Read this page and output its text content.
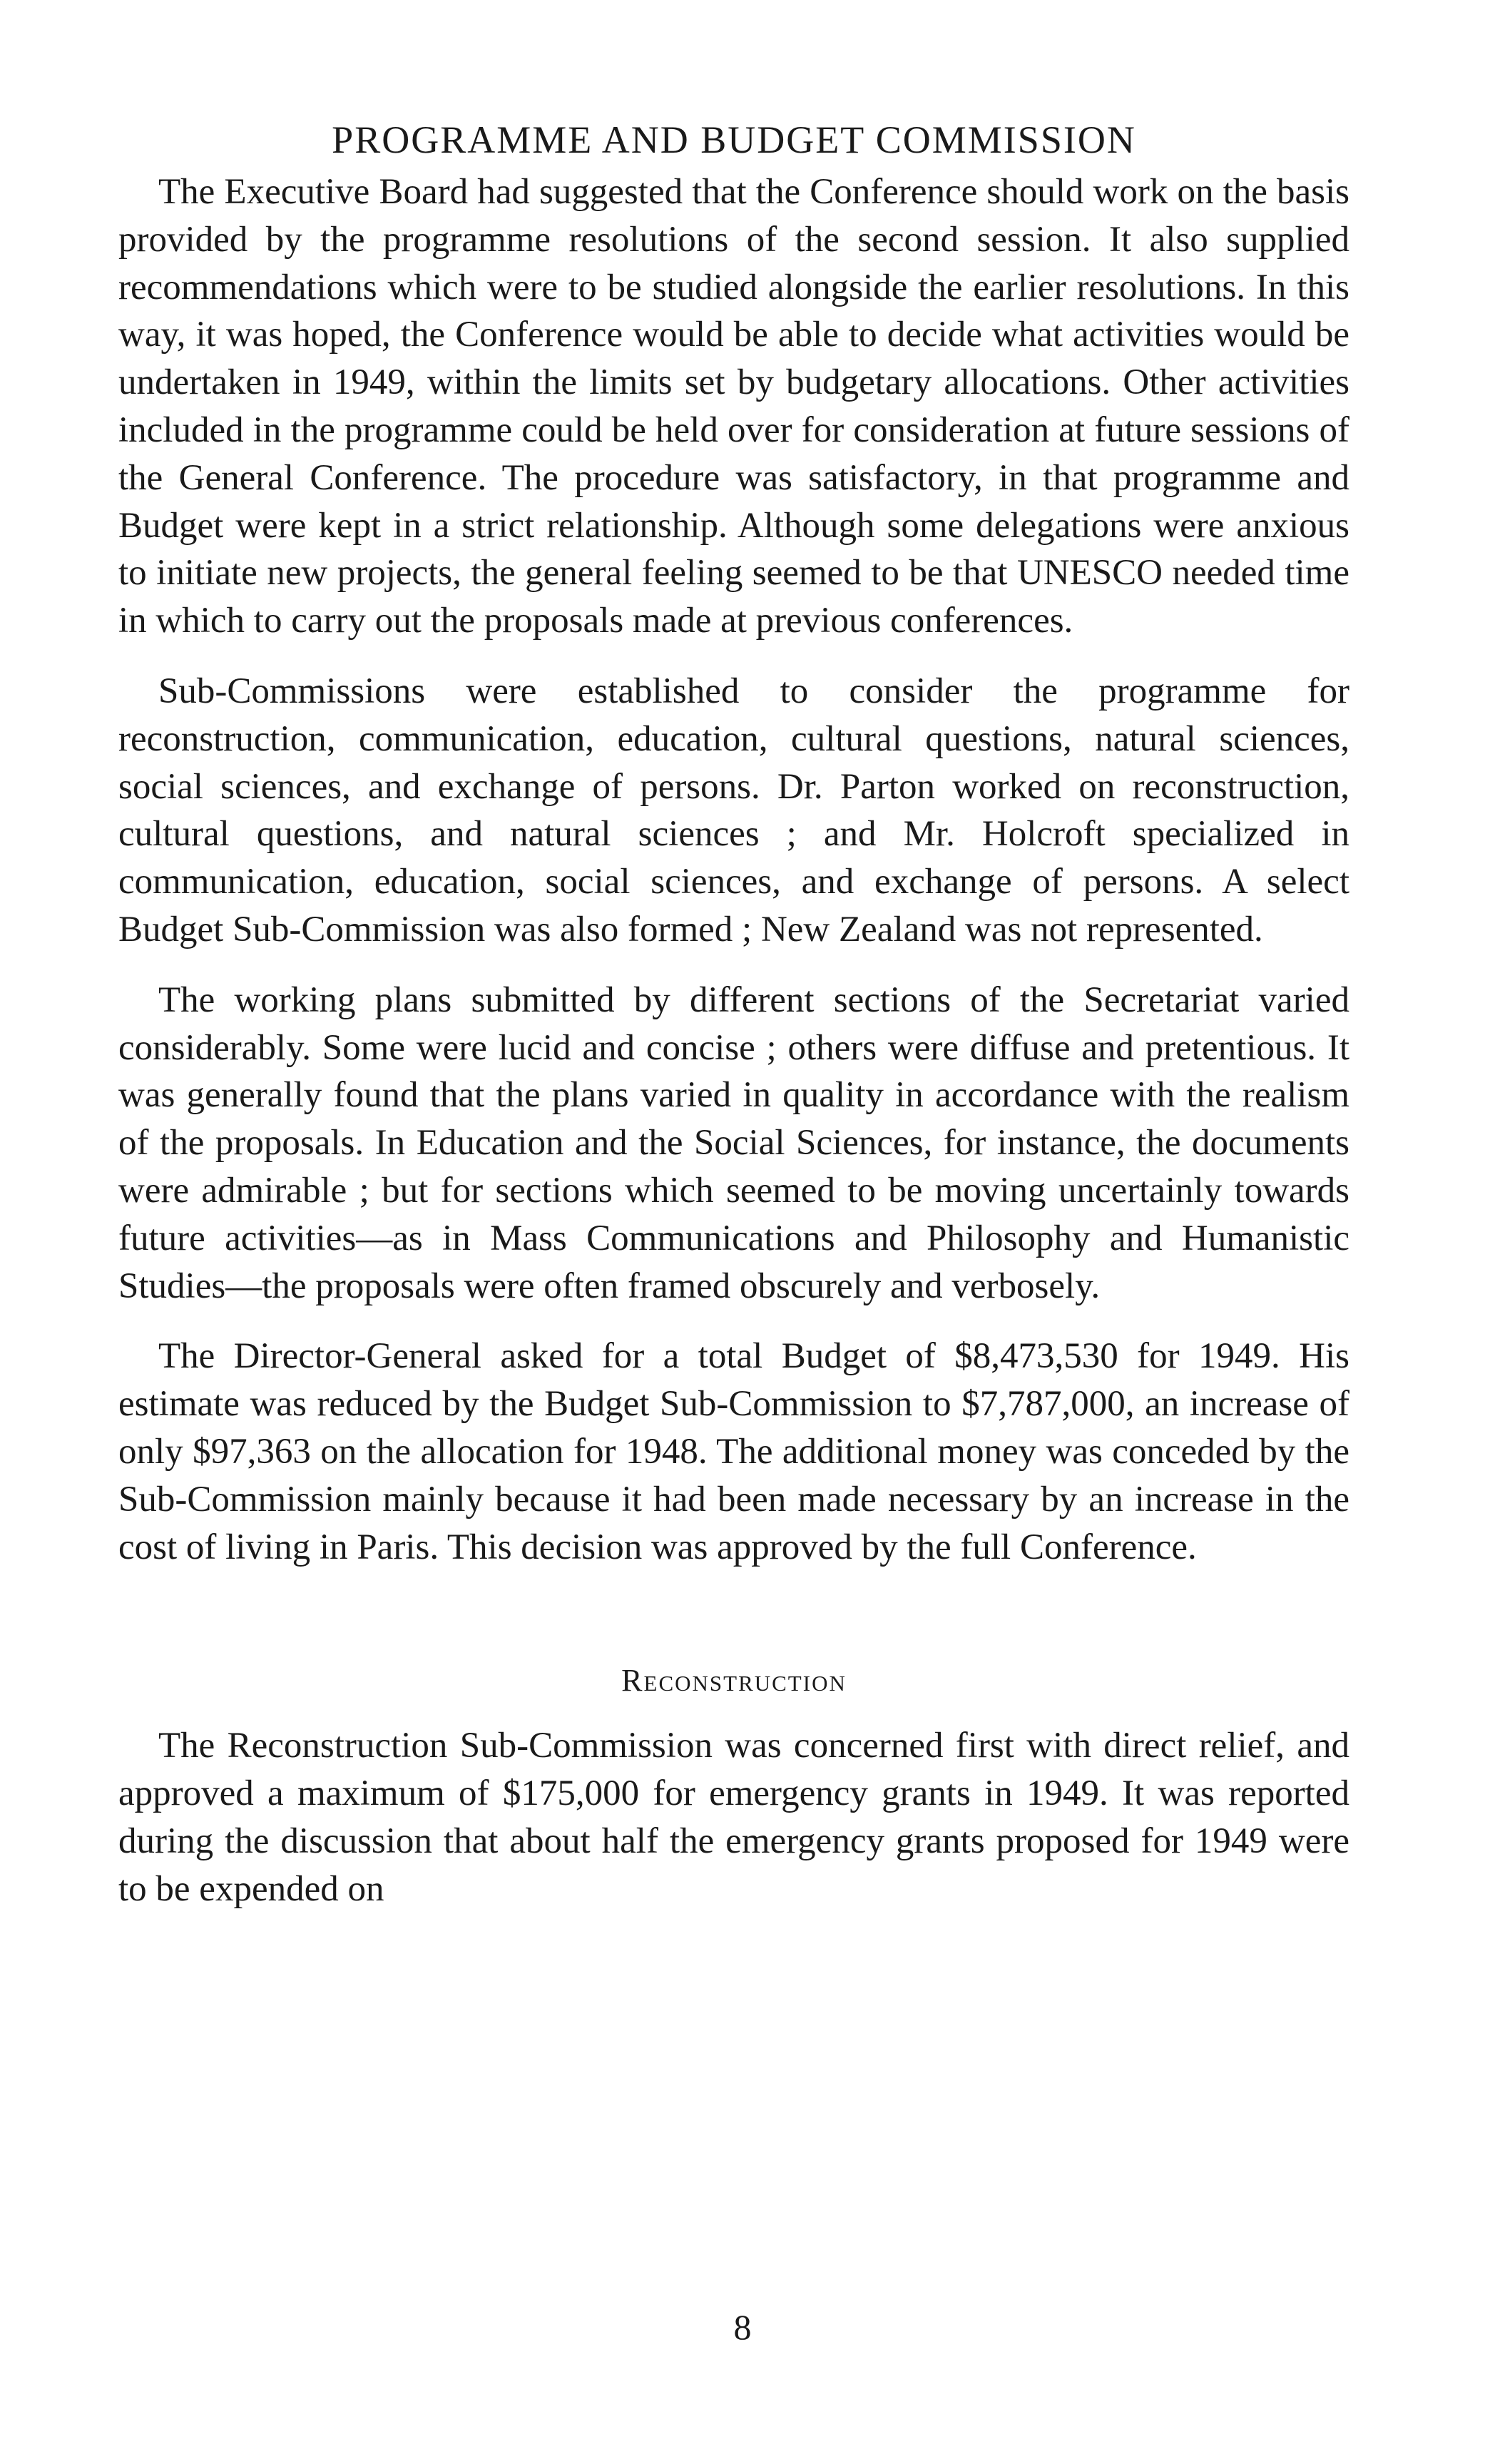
PROGRAMME AND BUDGET COMMISSION

The Executive Board had suggested that the Conference should work on the basis provided by the programme resolutions of the second session. It also supplied recommendations which were to be studied alongside the earlier resolutions. In this way, it was hoped, the Conference would be able to decide what activities would be undertaken in 1949, within the limits set by budgetary allocations. Other activities included in the programme could be held over for consideration at future sessions of the General Conference. The procedure was satisfactory, in that programme and Budget were kept in a strict relationship. Although some delegations were anxious to initiate new projects, the general feeling seemed to be that UNESCO needed time in which to carry out the proposals made at previous conferences.

Sub-Commissions were established to consider the programme for reconstruction, communication, education, cultural questions, natural sciences, social sciences, and exchange of persons. Dr. Parton worked on reconstruction, cultural questions, and natural sciences ; and Mr. Holcroft specialized in communication, education, social sciences, and exchange of persons. A select Budget Sub-Commission was also formed ; New Zealand was not represented.

The working plans submitted by different sections of the Secretariat varied considerably. Some were lucid and concise ; others were diffuse and pretentious. It was generally found that the plans varied in quality in accordance with the realism of the proposals. In Education and the Social Sciences, for instance, the documents were admirable ; but for sections which seemed to be moving uncertainly towards future activities—as in Mass Communications and Philosophy and Humanistic Studies—the proposals were often framed obscurely and verbosely.

The Director-General asked for a total Budget of $8,473,530 for 1949. His estimate was reduced by the Budget Sub-Commission to $7,787,000, an increase of only $97,363 on the allocation for 1948. The additional money was conceded by the Sub-Commission mainly because it had been made necessary by an increase in the cost of living in Paris. This decision was approved by the full Conference.

Reconstruction

The Reconstruction Sub-Commission was concerned first with direct relief, and approved a maximum of $175,000 for emergency grants in 1949. It was reported during the discussion that about half the emergency grants proposed for 1949 were to be expended on

8
